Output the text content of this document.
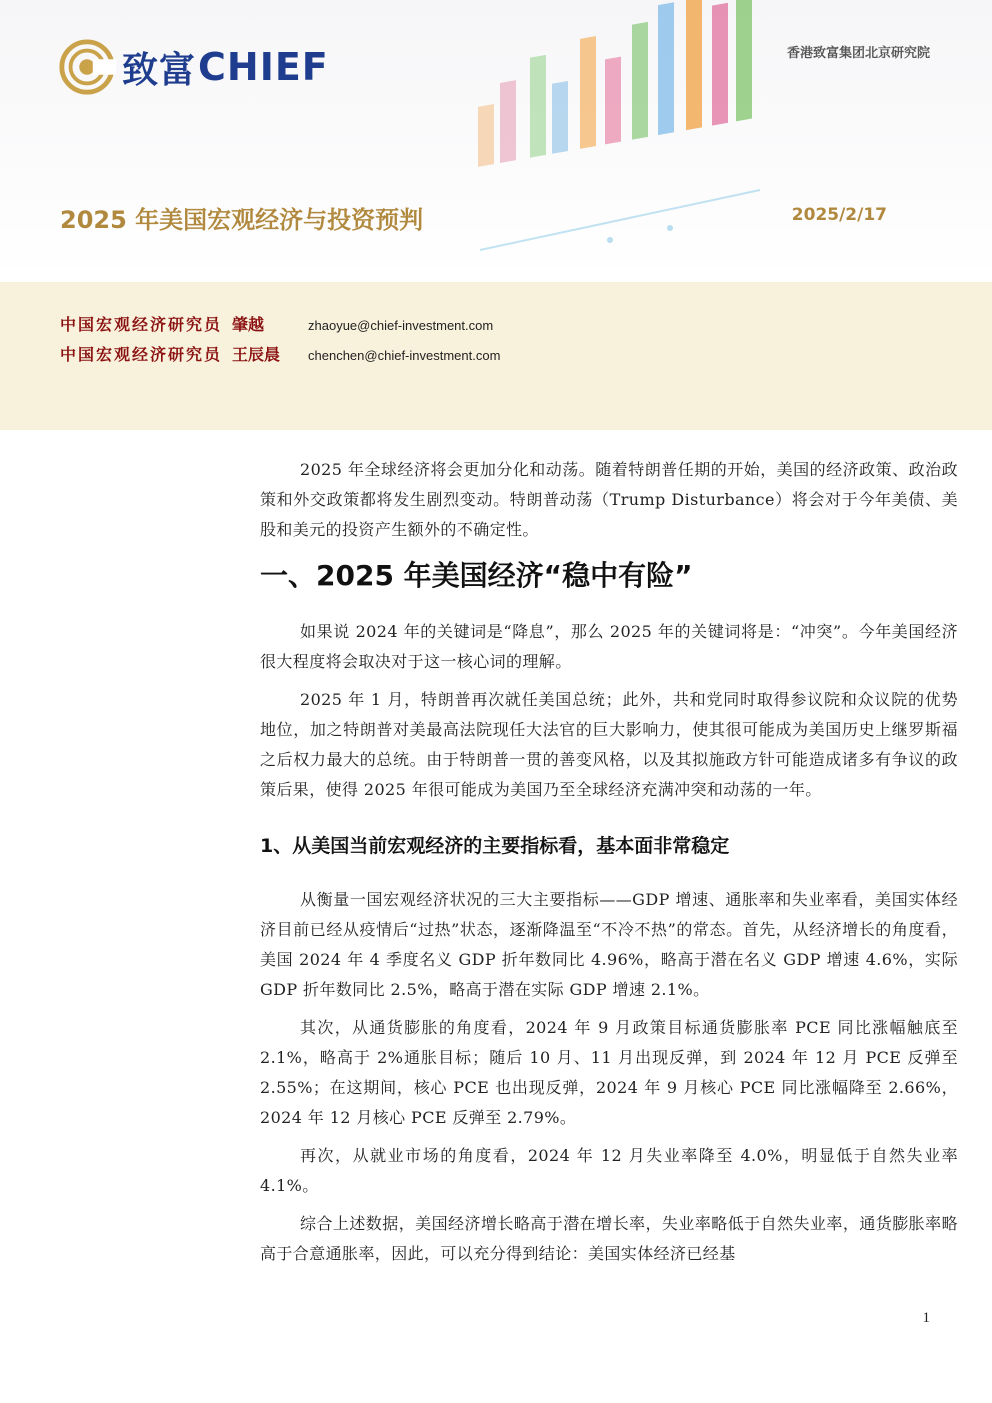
致富 CHIEF	香港致富集团北京研究院
2025 年美国宏观经济与投资预判	2025/2/17
中国宏观经济研究员 肇越	zhaoyue@chief-investment.com
中国宏观经济研究员 王辰晨	chenchen@chief-investment.com

2025 年全球经济将会更加分化和动荡。随着特朗普任期的开始，美国的经济政策、政治政策和外交政策都将发生剧烈变动。特朗普动荡（Trump Disturbance）将会对于今年美债、美股和美元的投资产生额外的不确定性。

一、2025 年美国经济“稳中有险”

如果说 2024 年的关键词是“降息”，那么 2025 年的关键词将是：“冲突”。今年美国经济很大程度将会取决对于这一核心词的理解。

2025 年 1 月，特朗普再次就任美国总统；此外，共和党同时取得参议院和众议院的优势地位，加之特朗普对美最高法院现任大法官的巨大影响力，使其很可能成为美国历史上继罗斯福之后权力最大的总统。由于特朗普一贯的善变风格，以及其拟施政方针可能造成诸多有争议的政策后果，使得 2025 年很可能成为美国乃至全球经济充满冲突和动荡的一年。

1、从美国当前宏观经济的主要指标看，基本面非常稳定

从衡量一国宏观经济状况的三大主要指标——GDP 增速、通胀率和失业率看，美国实体经济目前已经从疫情后“过热”状态，逐渐降温至“不冷不热”的常态。首先，从经济增长的角度看，美国 2024 年 4 季度名义 GDP 折年数同比 4.96%，略高于潜在名义 GDP 增速 4.6%，实际 GDP 折年数同比 2.5%，略高于潜在实际 GDP 增速 2.1%。

其次，从通货膨胀的角度看，2024 年 9 月政策目标通货膨胀率 PCE 同比涨幅触底至 2.1%，略高于 2%通胀目标；随后 10 月、11 月出现反弹，到 2024 年 12 月 PCE 反弹至 2.55%；在这期间，核心 PCE 也出现反弹，2024 年 9 月核心 PCE 同比涨幅降至 2.66%，2024 年 12 月核心 PCE 反弹至 2.79%。

再次，从就业市场的角度看，2024 年 12 月失业率降至 4.0%，明显低于自然失业率 4.1%。

综合上述数据，美国经济增长略高于潜在增长率，失业率略低于自然失业率，通货膨胀率略高于合意通胀率，因此，可以充分得到结论：美国实体经济已经基

1
